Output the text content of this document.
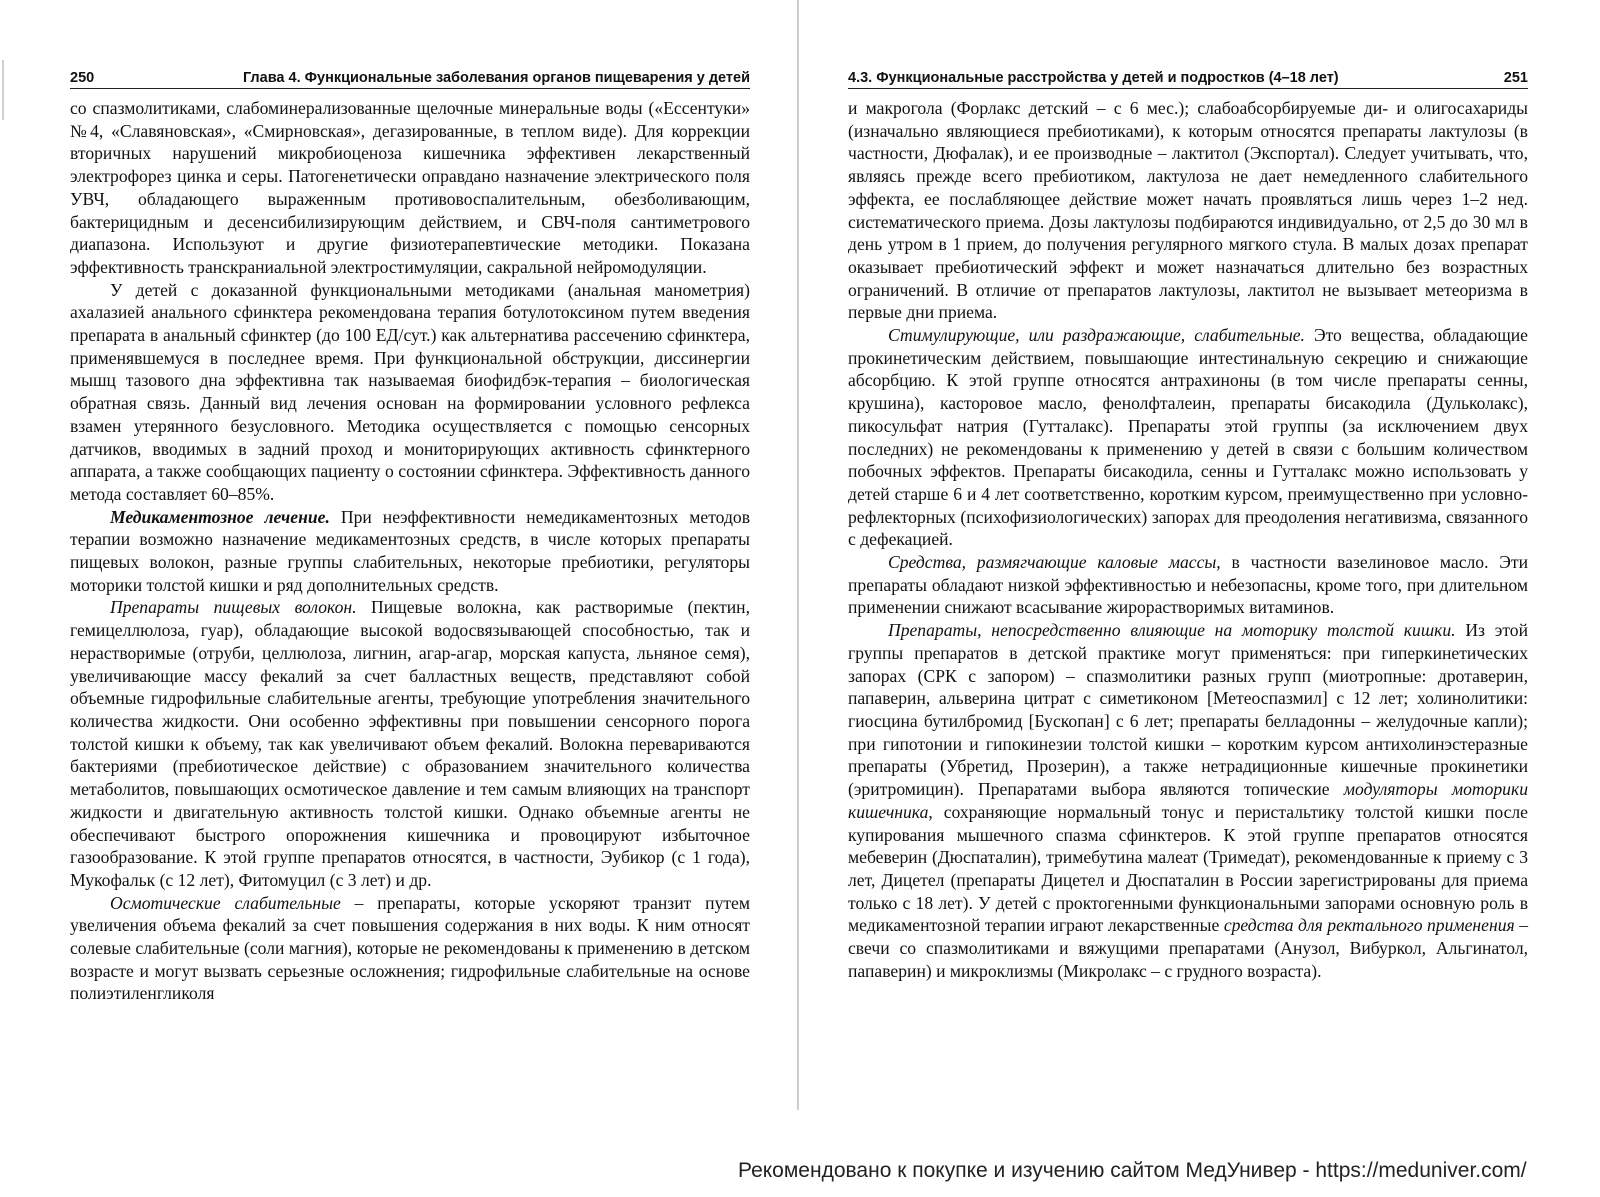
250	Глава 4. Функциональные заболевания органов пищеварения у детей

со спазмолитиками, слабоминерализованные щелочные минеральные воды («Ессентуки» №4, «Славяновская», «Смирновская», дегазированные, в теплом виде). Для коррекции вторичных нарушений микробиоценоза кишечника эффективен лекарственный электрофорез цинка и серы. Патогенетически оправдано назначение электрического поля УВЧ, обладающего выраженным противовоспалительным, обезболивающим, бактерицидным и десенсибилизирующим действием, и СВЧ-поля сантиметрового диапазона. Используют и другие физиотерапевтические методики. Показана эффективность транскраниальной электростимуляции, сакральной нейромодуляции.

У детей с доказанной функциональными методиками (анальная манометрия) ахалазией анального сфинктера рекомендована терапия ботулотоксином путем введения препарата в анальный сфинктер (до 100 ЕД/сут.) как альтернатива рассечению сфинктера, применявшемуся в последнее время. При функциональной обструкции, диссинергии мышц тазового дна эффективна так называемая биофидбэк-терапия – биологическая обратная связь. Данный вид лечения основан на формировании условного рефлекса взамен утерянного безусловного. Методика осуществляется с помощью сенсорных датчиков, вводимых в задний проход и мониторирующих активность сфинктерного аппарата, а также сообщающих пациенту о состоянии сфинктера. Эффективность данного метода составляет 60–85%.

Медикаментозное лечение. При неэффективности немедикаментозных методов терапии возможно назначение медикаментозных средств, в числе которых препараты пищевых волокон, разные группы слабительных, некоторые пребиотики, регуляторы моторики толстой кишки и ряд дополнительных средств.

Препараты пищевых волокон. Пищевые волокна, как растворимые (пектин, гемицеллюлоза, гуар), обладающие высокой водосвязывающей способностью, так и нерастворимые (отруби, целлюлоза, лигнин, агар-агар, морская капуста, льняное семя), увеличивающие массу фекалий за счет балластных веществ, представляют собой объемные гидрофильные слабительные агенты, требующие употребления значительного количества жидкости. Они особенно эффективны при повышении сенсорного порога толстой кишки к объему, так как увеличивают объем фекалий. Волокна перевариваются бактериями (пребиотическое действие) с образованием значительного количества метаболитов, повышающих осмотическое давление и тем самым влияющих на транспорт жидкости и двигательную активность толстой кишки. Однако объемные агенты не обеспечивают быстрого опорожнения кишечника и провоцируют избыточное газообразование. К этой группе препаратов относятся, в частности, Эубикор (с 1 года), Мукофальк (с 12 лет), Фитомуцил (с 3 лет) и др.

Осмотические слабительные – препараты, которые ускоряют транзит путем увеличения объема фекалий за счет повышения содержания в них воды. К ним относят солевые слабительные (соли магния), которые не рекомендованы к применению в детском возрасте и могут вызвать серьезные осложнения; гидрофильные слабительные на основе полиэтиленгликоля

4.3. Функциональные расстройства у детей и подростков (4–18 лет)	251

и макрогола (Форлакс детский – с 6 мес.); слабоабсорбируемые ди- и олигосахариды (изначально являющиеся пребиотиками), к которым относятся препараты лактулозы (в частности, Дюфалак), и ее производные – лактитол (Экспортал). Следует учитывать, что, являясь прежде всего пребиотиком, лактулоза не дает немедленного слабительного эффекта, ее послабляющее действие может начать проявляться лишь через 1–2 нед. систематического приема. Дозы лактулозы подбираются индивидуально, от 2,5 до 30 мл в день утром в 1 прием, до получения регулярного мягкого стула. В малых дозах препарат оказывает пребиотический эффект и может назначаться длительно без возрастных ограничений. В отличие от препаратов лактулозы, лактитол не вызывает метеоризма в первые дни приема.

Стимулирующие, или раздражающие, слабительные. Это вещества, обладающие прокинетическим действием, повышающие интестинальную секрецию и снижающие абсорбцию. К этой группе относятся антрахиноны (в том числе препараты сенны, крушина), касторовое масло, фенолфталеин, препараты бисакодила (Дульколакс), пикосульфат натрия (Гутталакс). Препараты этой группы (за исключением двух последних) не рекомендованы к применению у детей в связи с большим количеством побочных эффектов. Препараты бисакодила, сенны и Гутталакс можно использовать у детей старше 6 и 4 лет соответственно, коротким курсом, преимущественно при условно-рефлекторных (психофизиологических) запорах для преодоления негативизма, связанного с дефекацией.

Средства, размягчающие каловые массы, в частности вазелиновое масло. Эти препараты обладают низкой эффективностью и небезопасны, кроме того, при длительном применении снижают всасывание жирорастворимых витаминов.

Препараты, непосредственно влияющие на моторику толстой кишки. Из этой группы препаратов в детской практике могут применяться: при гиперкинетических запорах (СРК с запором) – спазмолитики разных групп (миотропные: дротаверин, папаверин, альверина цитрат с симетиконом [Метеоспазмил] с 12 лет; холинолитики: гиосцина бутилбромид [Бускопан] с 6 лет; препараты белладонны – желудочные капли); при гипотонии и гипокинезии толстой кишки – коротким курсом антихолинэстеразные препараты (Убретид, Прозерин), а также нетрадиционные кишечные прокинетики (эритромицин). Препаратами выбора являются топические модуляторы моторики кишечника, сохраняющие нормальный тонус и перистальтику толстой кишки после купирования мышечного спазма сфинктеров. К этой группе препаратов относятся мебеверин (Дюспаталин), тримебутина малеат (Тримедат), рекомендованные к приему с 3 лет, Дицетел (препараты Дицетел и Дюспаталин в России зарегистрированы для приема только с 18 лет). У детей с проктогенными функциональными запорами основную роль в медикаментозной терапии играют лекарственные средства для ректального применения – свечи со спазмолитиками и вяжущими препаратами (Анузол, Вибуркол, Альгинатол, папаверин) и микроклизмы (Микролакс – с грудного возраста).

Рекомендовано к покупке и изучению сайтом МедУнивер - https://meduniver.com/
